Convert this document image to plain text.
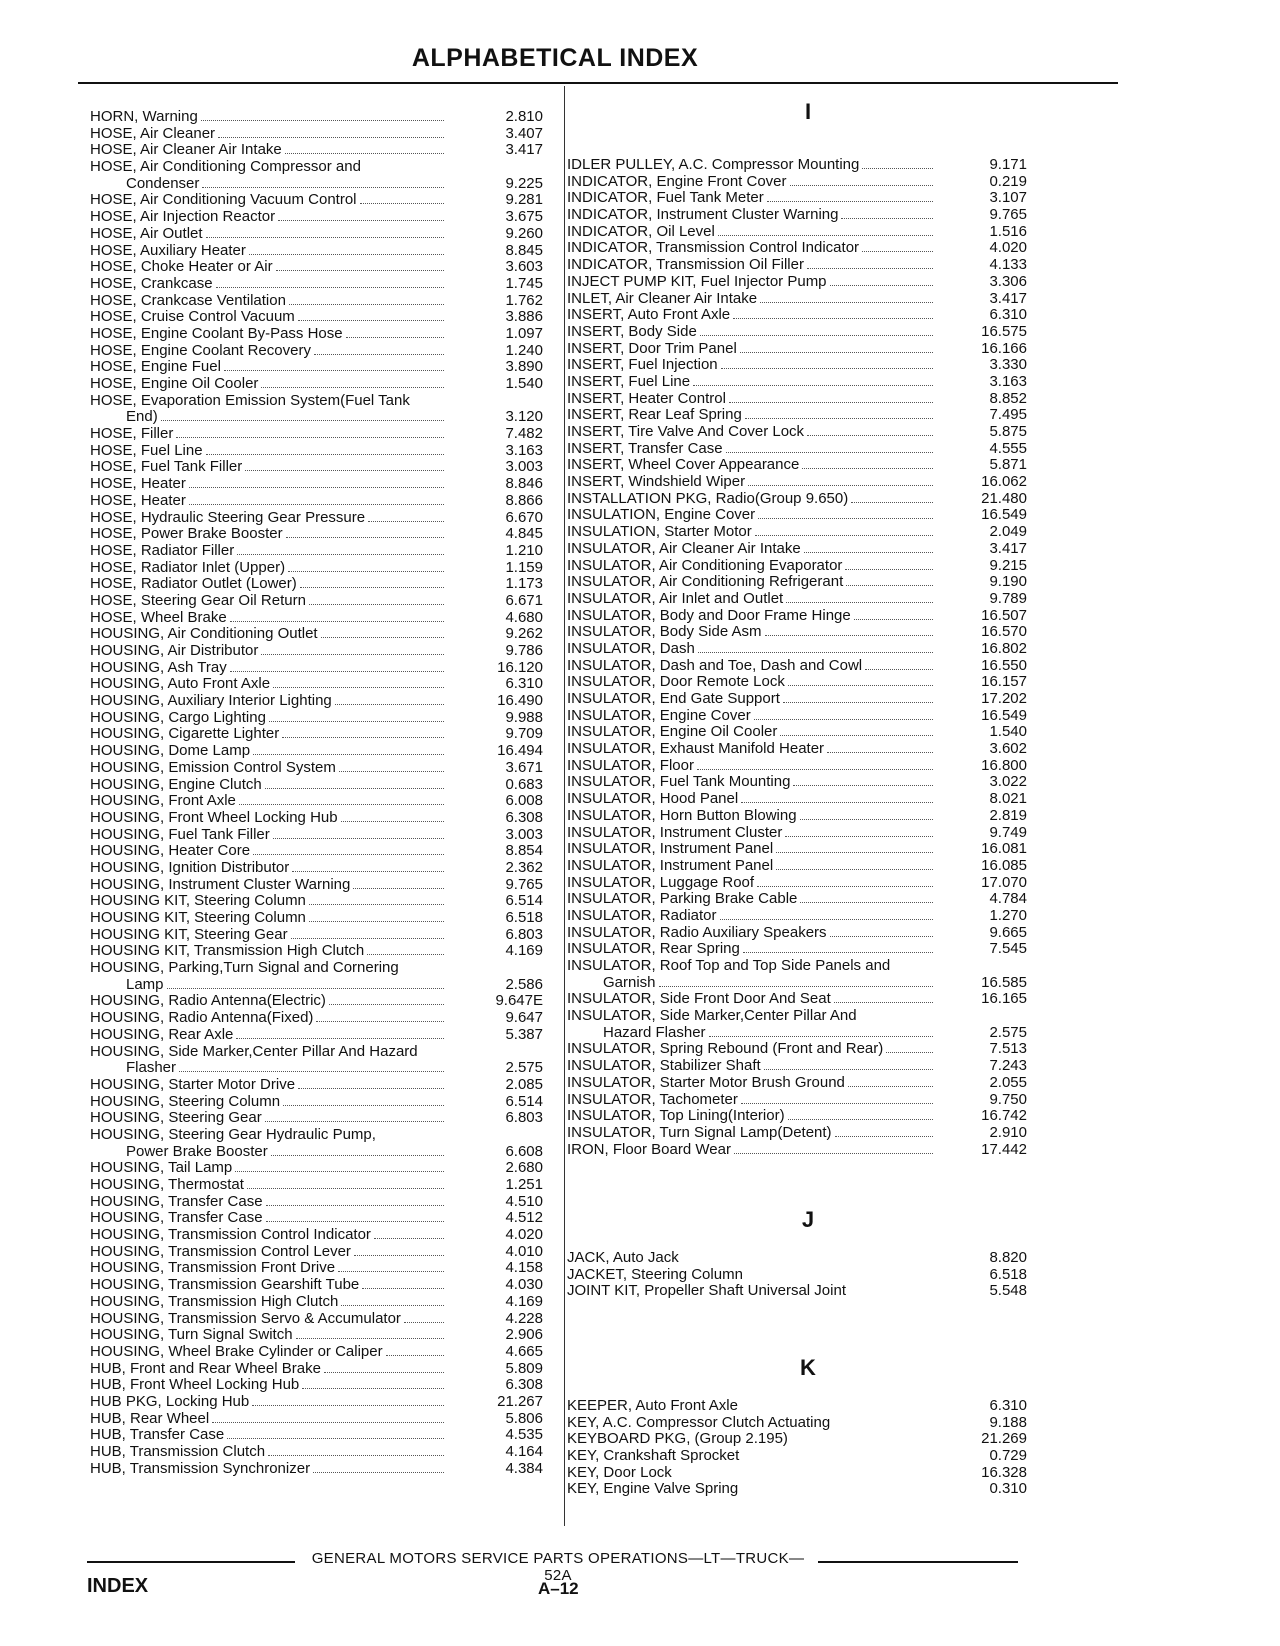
ALPHABETICAL INDEX
HORN, Warning	2.810
HOSE, Air Cleaner	3.407
HOSE, Air Cleaner Air Intake	3.417
HOSE, Air Conditioning Compressor and
Condenser	9.225
HOSE, Air Conditioning Vacuum Control	9.281
HOSE, Air Injection Reactor	3.675
HOSE, Air Outlet	9.260
HOSE, Auxiliary Heater	8.845
HOSE, Choke Heater or Air	3.603
HOSE, Crankcase	1.745
HOSE, Crankcase Ventilation	1.762
HOSE, Cruise Control Vacuum	3.886
HOSE, Engine Coolant By-Pass Hose	1.097
HOSE, Engine Coolant Recovery	1.240
HOSE, Engine Fuel	3.890
HOSE, Engine Oil Cooler	1.540
HOSE, Evaporation Emission System(Fuel Tank
End)	3.120
HOSE, Filler	7.482
HOSE, Fuel Line	3.163
HOSE, Fuel Tank Filler	3.003
HOSE, Heater	8.846
HOSE, Heater	8.866
HOSE, Hydraulic Steering Gear Pressure	6.670
HOSE, Power Brake Booster	4.845
HOSE, Radiator Filler	1.210
HOSE, Radiator Inlet (Upper)	1.159
HOSE, Radiator Outlet (Lower)	1.173
HOSE, Steering Gear Oil Return	6.671
HOSE, Wheel Brake	4.680
HOUSING, Air Conditioning Outlet	9.262
HOUSING, Air Distributor	9.786
HOUSING, Ash Tray	16.120
HOUSING, Auto Front Axle	6.310
HOUSING, Auxiliary Interior Lighting	16.490
HOUSING, Cargo Lighting	9.988
HOUSING, Cigarette Lighter	9.709
HOUSING, Dome Lamp	16.494
HOUSING, Emission Control System	3.671
HOUSING, Engine Clutch	0.683
HOUSING, Front Axle	6.008
HOUSING, Front Wheel Locking Hub	6.308
HOUSING, Fuel Tank Filler	3.003
HOUSING, Heater Core	8.854
HOUSING, Ignition Distributor	2.362
HOUSING, Instrument Cluster Warning	9.765
HOUSING KIT, Steering Column	6.514
HOUSING KIT, Steering Column	6.518
HOUSING KIT, Steering Gear	6.803
HOUSING KIT, Transmission High Clutch	4.169
HOUSING, Parking,Turn Signal and Cornering
Lamp	2.586
HOUSING, Radio Antenna(Electric)	9.647E
HOUSING, Radio Antenna(Fixed)	9.647
HOUSING, Rear Axle	5.387
HOUSING, Side Marker,Center Pillar And Hazard
Flasher	2.575
HOUSING, Starter Motor Drive	2.085
HOUSING, Steering Column	6.514
HOUSING, Steering Gear	6.803
HOUSING, Steering Gear Hydraulic Pump,
Power Brake Booster	6.608
HOUSING, Tail Lamp	2.680
HOUSING, Thermostat	1.251
HOUSING, Transfer Case	4.510
HOUSING, Transfer Case	4.512
HOUSING, Transmission Control Indicator	4.020
HOUSING, Transmission Control Lever	4.010
HOUSING, Transmission Front Drive	4.158
HOUSING, Transmission Gearshift Tube	4.030
HOUSING, Transmission High Clutch	4.169
HOUSING, Transmission Servo & Accumulator	4.228
HOUSING, Turn Signal Switch	2.906
HOUSING, Wheel Brake Cylinder or Caliper	4.665
HUB, Front and Rear Wheel Brake	5.809
HUB, Front Wheel Locking Hub	6.308
HUB PKG, Locking Hub	21.267
HUB, Rear Wheel	5.806
HUB, Transfer Case	4.535
HUB, Transmission Clutch	4.164
HUB, Transmission Synchronizer	4.384
I
IDLER PULLEY, A.C. Compressor Mounting	9.171
INDICATOR, Engine Front Cover	0.219
INDICATOR, Fuel Tank Meter	3.107
INDICATOR, Instrument Cluster Warning	9.765
INDICATOR, Oil Level	1.516
INDICATOR, Transmission Control Indicator	4.020
INDICATOR, Transmission Oil Filler	4.133
INJECT PUMP KIT, Fuel Injector Pump	3.306
INLET, Air Cleaner Air Intake	3.417
INSERT, Auto Front Axle	6.310
INSERT, Body Side	16.575
INSERT, Door Trim Panel	16.166
INSERT, Fuel Injection	3.330
INSERT, Fuel Line	3.163
INSERT, Heater Control	8.852
INSERT, Rear Leaf Spring	7.495
INSERT, Tire Valve And Cover Lock	5.875
INSERT, Transfer Case	4.555
INSERT, Wheel Cover Appearance	5.871
INSERT, Windshield Wiper	16.062
INSTALLATION PKG, Radio(Group 9.650)	21.480
INSULATION, Engine Cover	16.549
INSULATION, Starter Motor	2.049
INSULATOR, Air Cleaner Air Intake	3.417
INSULATOR, Air Conditioning Evaporator	9.215
INSULATOR, Air Conditioning Refrigerant	9.190
INSULATOR, Air Inlet and Outlet	9.789
INSULATOR, Body and Door Frame Hinge	16.507
INSULATOR, Body Side Asm	16.570
INSULATOR, Dash	16.802
INSULATOR, Dash and Toe, Dash and Cowl	16.550
INSULATOR, Door Remote Lock	16.157
INSULATOR, End Gate Support	17.202
INSULATOR, Engine Cover	16.549
INSULATOR, Engine Oil Cooler	1.540
INSULATOR, Exhaust Manifold Heater	3.602
INSULATOR, Floor	16.800
INSULATOR, Fuel Tank Mounting	3.022
INSULATOR, Hood Panel	8.021
INSULATOR, Horn Button Blowing	2.819
INSULATOR, Instrument Cluster	9.749
INSULATOR, Instrument Panel	16.081
INSULATOR, Instrument Panel	16.085
INSULATOR, Luggage Roof	17.070
INSULATOR, Parking Brake Cable	4.784
INSULATOR, Radiator	1.270
INSULATOR, Radio Auxiliary Speakers	9.665
INSULATOR, Rear Spring	7.545
INSULATOR, Roof Top and Top Side Panels and
Garnish	16.585
INSULATOR, Side Front Door And Seat	16.165
INSULATOR, Side Marker,Center Pillar And
Hazard Flasher	2.575
INSULATOR, Spring Rebound (Front and Rear)	7.513
INSULATOR, Stabilizer Shaft	7.243
INSULATOR, Starter Motor Brush Ground	2.055
INSULATOR, Tachometer	9.750
INSULATOR, Top Lining(Interior)	16.742
INSULATOR, Turn Signal Lamp(Detent)	2.910
IRON, Floor Board Wear	17.442
J
JACK, Auto Jack	8.820
JACKET, Steering Column	6.518
JOINT KIT, Propeller Shaft Universal Joint	5.548
K
KEEPER, Auto Front Axle	6.310
KEY, A.C. Compressor Clutch Actuating	9.188
KEYBOARD PKG, (Group 2.195)	21.269
KEY, Crankshaft Sprocket	0.729
KEY, Door Lock	16.328
KEY, Engine Valve Spring	0.310
GENERAL MOTORS SERVICE PARTS OPERATIONS—LT—TRUCK—52A
INDEX	A–12
